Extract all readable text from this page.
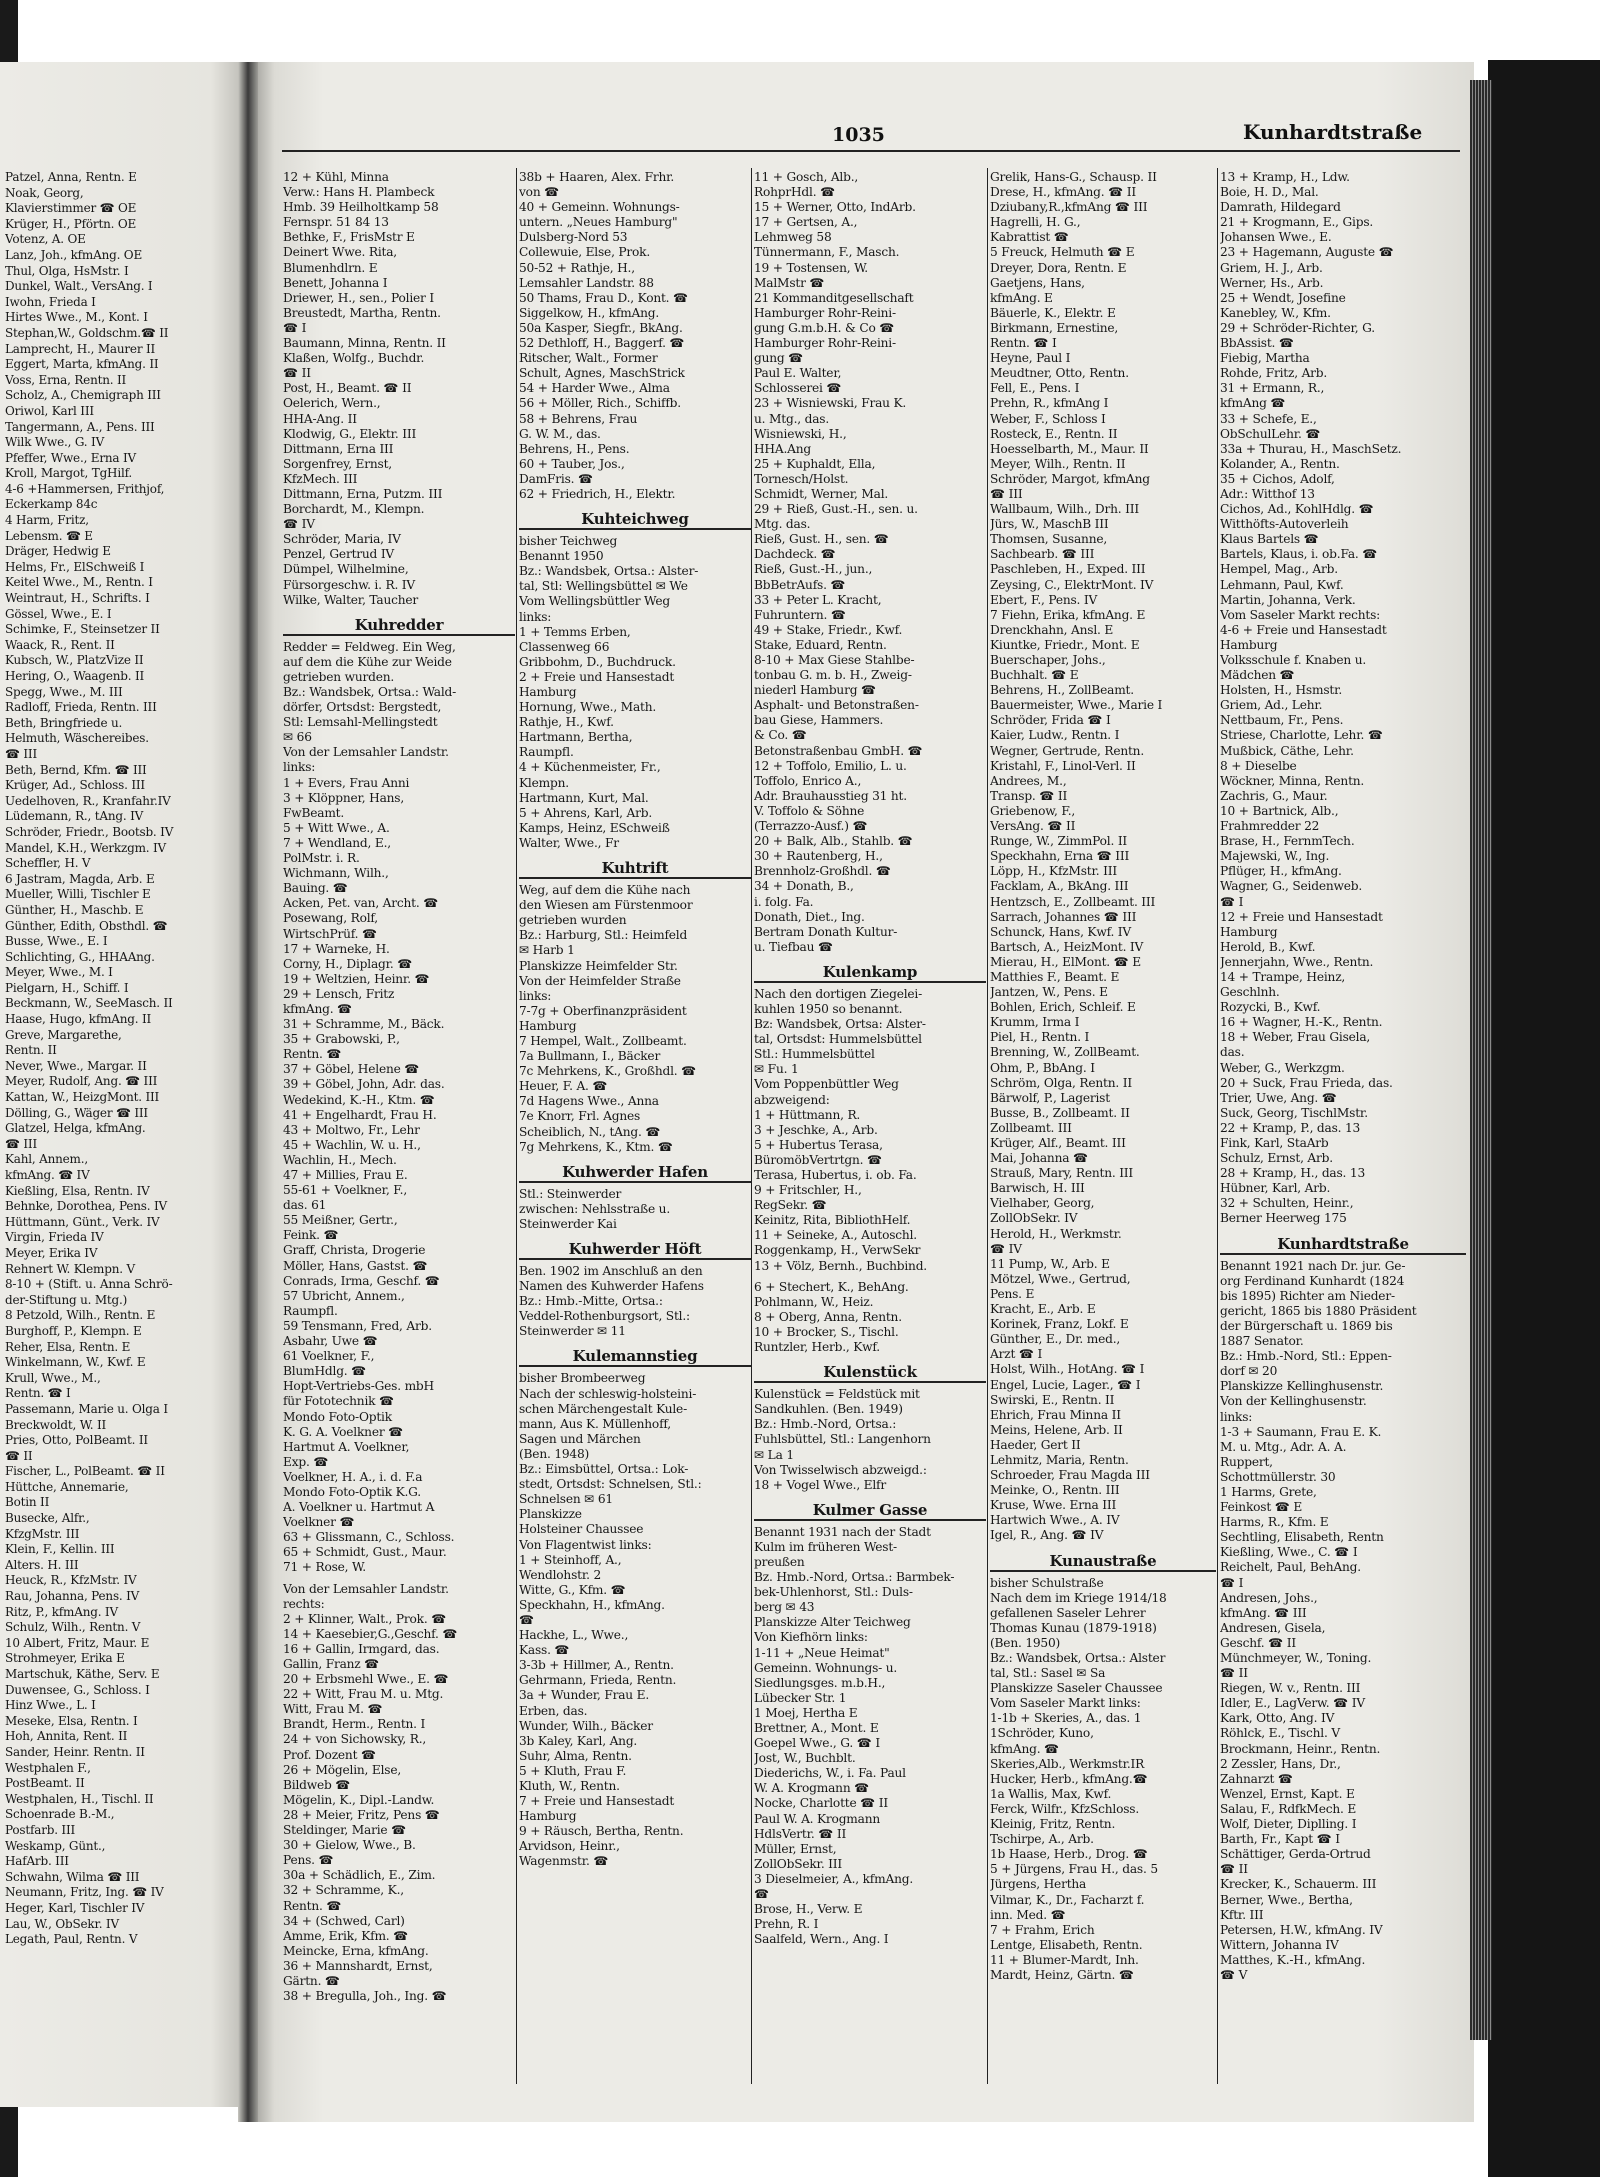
1035	Kunhardtstraße
Patzel, Anna, Rentn. E
Noak, Georg,
Klavierstimmer ☎ OE
Krüger, H., Pförtn. OE
Votenz, A. OE
Lanz, Joh., kfmAng. OE
Thul, Olga, HsMstr. I
Dunkel, Walt., VersAng. I
Iwohn, Frieda I
Hirtes Wwe., M., Kont. I
Stephan,W., Goldschm.☎ II
Lamprecht, H., Maurer II
Eggert, Marta, kfmAng. II
Voss, Erna, Rentn. II
Scholz, A., Chemigraph III
Oriwol, Karl III
Tangermann, A., Pens. III
Wilk Wwe., G. IV
Pfeffer, Wwe., Erna IV
Kroll, Margot, TgHilf.
4-6 +Hammersen, Frithjof,
Eckerkamp 84c
4 Harm, Fritz,
Lebensm. ☎ E
Dräger, Hedwig E
Helms, Fr., ElSchweiß I
Keitel Wwe., M., Rentn. I
Weintraut, H., Schrifts. I
Gössel, Wwe., E. I
Schimke, F., Steinsetzer II
Waack, R., Rent. II
Kubsch, W., PlatzVize II
Hering, O., Waagenb. II
Spegg, Wwe., M. III
Radloff, Frieda, Rentn. III
Beth, Bringfriede u.
Helmuth, Wäschereibes.
☎ III
Beth, Bernd, Kfm. ☎ III
Krüger, Ad., Schloss. III
Uedelhoven, R., Kranfahr.IV
Lüdemann, R., tAng. IV
Schröder, Friedr., Bootsb. IV
Mandel, K.H., Werkzgm. IV
Scheffler, H. V
6 Jastram, Magda, Arb. E
Mueller, Willi, Tischler E
Günther, H., Maschb. E
Günther, Edith, Obsthdl. ☎
Busse, Wwe., E. I
Schlichting, G., HHAAng.
Meyer, Wwe., M. I
Pielgarn, H., Schiff. I
Beckmann, W., SeeMasch. II
Haase, Hugo, kfmAng. II
Greve, Margarethe,
Rentn. II
Never, Wwe., Margar. II
Meyer, Rudolf, Ang. ☎ III
Kattan, W., HeizgMont. III
Dölling, G., Wäger ☎ III
Glatzel, Helga, kfmAng.
☎ III
Kahl, Annem.,
kfmAng. ☎ IV
Kießling, Elsa, Rentn. IV
Behnke, Dorothea, Pens. IV
Hüttmann, Günt., Verk. IV
Virgin, Frieda IV
Meyer, Erika IV
Rehnert W. Klempn. V
8-10 + (Stift. u. Anna Schrö-
der-Stiftung u. Mtg.)
8 Petzold, Wilh., Rentn. E
Burghoff, P., Klempn. E
Reher, Elsa, Rentn. E
Winkelmann, W., Kwf. E
Krull, Wwe., M.,
Rentn. ☎ I
Passemann, Marie u. Olga I
Breckwoldt, W. II
Pries, Otto, PolBeamt. II
☎ II
Fischer, L., PolBeamt. ☎ II
Hüttche, Annemarie,
Botin II
Busecke, Alfr.,
KfzgMstr. III
Klein, F., Kellin. III
Alters. H. III
Heuck, R., KfzMstr. IV
Rau, Johanna, Pens. IV
Ritz, P., kfmAng. IV
Schulz, Wilh., Rentn. V
10 Albert, Fritz, Maur. E
Strohmeyer, Erika E
Martschuk, Käthe, Serv. E
Duwensee, G., Schloss. I
Hinz Wwe., L. I
Meseke, Elsa, Rentn. I
Hoh, Annita, Rent. II
Sander, Heinr. Rentn. II
Westphalen F.,
PostBeamt. II
Westphalen, H., Tischl. II
Schoenrade B.-M.,
Postfarb. III
Weskamp, Günt.,
HafArb. III
Schwahn, Wilma ☎ III
Neumann, Fritz, Ing. ☎ IV
Heger, Karl, Tischler IV
Lau, W., ObSekr. IV
Legath, Paul, Rentn. V
12 + Kühl, Minna
Verw.: Hans H. Plambeck
Hmb. 39 Heilholtkamp 58
Fernspr. 51 84 13
Bethke, F., FrisMstr E
Deinert Wwe. Rita,
Blumenhdlrn. E
Benett, Johanna I
Driewer, H., sen., Polier I
Breustedt, Martha, Rentn.
☎ I
Baumann, Minna, Rentn. II
Klaßen, Wolfg., Buchdr.
☎ II
Post, H., Beamt. ☎ II
Oelerich, Wern.,
HHA-Ang. II
Klodwig, G., Elektr. III
Dittmann, Erna III
Sorgenfrey, Ernst,
KfzMech. III
Dittmann, Erna, Putzm. III
Borchardt, M., Klempn.
☎ IV
Schröder, Maria, IV
Penzel, Gertrud IV
Dümpel, Wilhelmine,
Fürsorgeschw. i. R. IV
Wilke, Walter, Taucher
Kuhredder
Redder = Feldweg. Ein Weg,
auf dem die Kühe zur Weide
getrieben wurden.
Bz.: Wandsbek, Ortsa.: Wald-
dörfer, Ortsdst: Bergstedt,
Stl: Lemsahl-Mellingstedt
✉ 66
Von der Lemsahler Landstr.
links:
1 + Evers, Frau Anni
3 + Klöppner, Hans,
FwBeamt.
5 + Witt Wwe., A.
7 + Wendland, E.,
PolMstr. i. R.
Wichmann, Wilh.,
Bauing. ☎
Acken, Pet. van, Archt. ☎
Posewang, Rolf,
WirtschPrüf. ☎
17 + Warneke, H.
Corny, H., Diplagr. ☎
19 + Weltzien, Heinr. ☎
29 + Lensch, Fritz
kfmAng. ☎
31 + Schramme, M., Bäck.
35 + Grabowski, P.,
Rentn. ☎
37 + Göbel, Helene ☎
39 + Göbel, John, Adr. das.
Wedekind, K.-H., Ktm. ☎
41 + Engelhardt, Frau H.
43 + Moltwo, Fr., Lehr
45 + Wachlin, W. u. H.,
Wachlin, H., Mech.
47 + Millies, Frau E.
55-61 + Voelkner, F.,
das. 61
55 Meißner, Gertr.,
Feink. ☎
Graff, Christa, Drogerie
Möller, Hans, Gastst. ☎
Conrads, Irma, Geschf. ☎
57 Ubricht, Annem.,
Raumpfl.
59 Tensmann, Fred, Arb.
Asbahr, Uwe ☎
61 Voelkner, F.,
BlumHdlg. ☎
Hopt-Vertriebs-Ges. mbH
für Fototechnik ☎
Mondo Foto-Optik
K. G. A. Voelkner ☎
Hartmut A. Voelkner,
Exp. ☎
Voelkner, H. A., i. d. F.a
Mondo Foto-Optik K.G.
A. Voelkner u. Hartmut A
Voelkner ☎
63 + Glissmann, C., Schloss.
65 + Schmidt, Gust., Maur.
71 + Rose, W.
Von der Lemsahler Landstr.
rechts:
2 + Klinner, Walt., Prok. ☎
14 + Kaesebier,G.,Geschf. ☎
16 + Gallin, Irmgard, das.
Gallin, Franz ☎
20 + Erbsmehl Wwe., E. ☎
22 + Witt, Frau M. u. Mtg.
Witt, Frau M. ☎
Brandt, Herm., Rentn. I
24 + von Sichowsky, R.,
Prof. Dozent ☎
26 + Mögelin, Else,
Bildweb ☎
Mögelin, K., Dipl.-Landw.
28 + Meier, Fritz, Pens ☎
Steldinger, Marie ☎
30 + Gielow, Wwe., B.
Pens. ☎
30a + Schädlich, E., Zim.
32 + Schramme, K.,
Rentn. ☎
34 + (Schwed, Carl)
Amme, Erik, Kfm. ☎
Meincke, Erna, kfmAng.
36 + Mannshardt, Ernst,
Gärtn. ☎
38 + Bregulla, Joh., Ing. ☎
38b + Haaren, Alex. Frhr.
von ☎
40 + Gemeinn. Wohnungs-
untern. „Neues Hamburg"
Dulsberg-Nord 53
Collewuie, Else, Prok.
50-52 + Rathje, H.,
Lemsahler Landstr. 88
50 Thams, Frau D., Kont. ☎
Siggelkow, H., kfmAng.
50a Kasper, Siegfr., BkAng.
52 Dethloff, H., Baggerf. ☎
Ritscher, Walt., Former
Schult, Agnes, MaschStrick
54 + Harder Wwe., Alma
56 + Möller, Rich., Schiffb.
58 + Behrens, Frau
G. W. M., das.
Behrens, H., Pens.
60 + Tauber, Jos.,
DamFris. ☎
62 + Friedrich, H., Elektr.
Kuhteichweg
bisher Teichweg
Benannt 1950
Bz.: Wandsbek, Ortsa.: Alster-
tal, Stl: Wellingsbüttel ✉ We
Vom Wellingsbüttler Weg
links:
1 + Temms Erben,
Classenweg 66
Gribbohm, D., Buchdruck.
2 + Freie und Hansestadt
Hamburg
Hornung, Wwe., Math.
Rathje, H., Kwf.
Hartmann, Bertha,
Raumpfl.
4 + Küchenmeister, Fr.,
Klempn.
Hartmann, Kurt, Mal.
5 + Ahrens, Karl, Arb.
Kamps, Heinz, ESchweiß
Walter, Wwe., Fr
Kuhtrift
Weg, auf dem die Kühe nach
den Wiesen am Fürstenmoor
getrieben wurden
Bz.: Harburg, Stl.: Heimfeld
✉ Harb 1
Planskizze Heimfelder Str.
Von der Heimfelder Straße
links:
7-7g + Oberfinanzpräsident
Hamburg
7 Hempel, Walt., Zollbeamt.
7a Bullmann, I., Bäcker
7c Mehrkens, K., Großhdl. ☎
Heuer, F. A. ☎
7d Hagens Wwe., Anna
7e Knorr, Frl. Agnes
Scheiblich, N., tAng. ☎
7g Mehrkens, K., Ktm. ☎
Kuhwerder Hafen
Stl.: Steinwerder
zwischen: Nehlsstraße u.
Steinwerder Kai
Kuhwerder Höft
Ben. 1902 im Anschluß an den
Namen des Kuhwerder Hafens
Bz.: Hmb.-Mitte, Ortsa.:
Veddel-Rothenburgsort, Stl.:
Steinwerder ✉ 11
Kulemannstieg
bisher Brombeerweg
Nach der schleswig-holsteini-
schen Märchengestalt Kule-
mann, Aus K. Müllenhoff,
Sagen und Märchen
(Ben. 1948)
Bz.: Eimsbüttel, Ortsa.: Lok-
stedt, Ortsdst: Schnelsen, Stl.:
Schnelsen ✉ 61
Planskizze
Holsteiner Chaussee
Von Flagentwist links:
1 + Steinhoff, A.,
Wendlohstr. 2
Witte, G., Kfm. ☎
Speckhahn, H., kfmAng.
☎
Hackhe, L., Wwe.,
Kass. ☎
3-3b + Hillmer, A., Rentn.
Gehrmann, Frieda, Rentn.
3a + Wunder, Frau E.
Erben, das.
Wunder, Wilh., Bäcker
3b Kaley, Karl, Ang.
Suhr, Alma, Rentn.
5 + Kluth, Frau F.
Kluth, W., Rentn.
7 + Freie und Hansestadt
Hamburg
9 + Räusch, Bertha, Rentn.
Arvidson, Heinr.,
Wagenmstr. ☎
11 + Gosch, Alb.,
RohprHdl. ☎
15 + Werner, Otto, IndArb.
17 + Gertsen, A.,
Lehmweg 58
Tünnermann, F., Masch.
19 + Tostensen, W.
MalMstr ☎
21 Kommanditgesellschaft
Hamburger Rohr-Reini-
gung G.m.b.H. & Co ☎
Hamburger Rohr-Reini-
gung ☎
Paul E. Walter,
Schlosserei ☎
23 + Wisniewski, Frau K.
u. Mtg., das.
Wisniewski, H.,
HHA.Ang
25 + Kuphaldt, Ella,
Tornesch/Holst.
Schmidt, Werner, Mal.
29 + Rieß, Gust.-H., sen. u.
Mtg. das.
Rieß, Gust. H., sen. ☎
Dachdeck. ☎
Rieß, Gust.-H., jun.,
BbBetrAufs. ☎
33 + Peter L. Kracht,
Fuhruntern. ☎
49 + Stake, Friedr., Kwf.
Stake, Eduard, Rentn.
8-10 + Max Giese Stahlbe-
tonbau G. m. b. H., Zweig-
niederl Hamburg ☎
Asphalt- und Betonstraßen-
bau Giese, Hammers.
& Co. ☎
Betonstraßenbau GmbH. ☎
12 + Toffolo, Emilio, L. u.
Toffolo, Enrico A.,
Adr. Brauhausstieg 31 ht.
V. Toffolo & Söhne
(Terrazzo-Ausf.) ☎
20 + Balk, Alb., Stahlb. ☎
30 + Rautenberg, H.,
Brennholz-Großhdl. ☎
34 + Donath, B.,
i. folg. Fa.
Donath, Diet., Ing.
Bertram Donath Kultur-
u. Tiefbau ☎
Kulenkamp
Nach den dortigen Ziegelei-
kuhlen 1950 so benannt.
Bz: Wandsbek, Ortsa: Alster-
tal, Ortsdst: Hummelsbüttel
Stl.: Hummelsbüttel
✉ Fu. 1
Vom Poppenbüttler Weg
abzweigend:
1 + Hüttmann, R.
3 + Jeschke, A., Arb.
5 + Hubertus Terasa,
BüromöbVertrtgn. ☎
Terasa, Hubertus, i. ob. Fa.
9 + Fritschler, H.,
RegSekr. ☎
Keinitz, Rita, BibliothHelf.
11 + Seineke, A., Autoschl.
Roggenkamp, H., VerwSekr
13 + Völz, Bernh., Buchbind.
6 + Stechert, K., BehAng.
Pohlmann, W., Heiz.
8 + Oberg, Anna, Rentn.
10 + Brocker, S., Tischl.
Runtzler, Herb., Kwf.
Kulenstück
Kulenstück = Feldstück mit
Sandkuhlen. (Ben. 1949)
Bz.: Hmb.-Nord, Ortsa.:
Fuhlsbüttel, Stl.: Langenhorn
✉ La 1
Von Twisselwisch abzweigd.:
18 + Vogel Wwe., Elfr
Kulmer Gasse
Benannt 1931 nach der Stadt
Kulm im früheren West-
preußen
Bz. Hmb.-Nord, Ortsa.: Barmbek-
bek-Uhlenhorst, Stl.: Duls-
berg ✉ 43
Planskizze Alter Teichweg
Von Kiefhörn links:
1-11 + „Neue Heimat"
Gemeinn. Wohnungs- u.
Siedlungsges. m.b.H.,
Lübecker Str. 1
1 Moej, Hertha E
Brettner, A., Mont. E
Goepel Wwe., G. ☎ I
Jost, W., Buchblt.
Diederichs, W., i. Fa. Paul
W. A. Krogmann ☎
Nocke, Charlotte ☎ II
Paul W. A. Krogmann
HdlsVertr. ☎ II
Müller, Ernst,
ZollObSekr. III
3 Dieselmeier, A., kfmAng.
☎
Brose, H., Verw. E
Prehn, R. I
Saalfeld, Wern., Ang. I
Grelik, Hans-G., Schausp. II
Drese, H., kfmAng. ☎ II
Dziubany,R.,kfmAng ☎ III
Hagrelli, H. G.,
Kabrattist ☎
5 Freuck, Helmuth ☎ E
Dreyer, Dora, Rentn. E
Gaetjens, Hans,
kfmAng. E
Bäuerle, K., Elektr. E
Birkmann, Ernestine,
Rentn. ☎ I
Heyne, Paul I
Meudtner, Otto, Rentn.
Fell, E., Pens. I
Prehn, R., kfmAng I
Weber, F., Schloss I
Rosteck, E., Rentn. II
Hoesselbarth, M., Maur. II
Meyer, Wilh., Rentn. II
Schröder, Margot, kfmAng
☎ III
Wallbaum, Wilh., Drh. III
Jürs, W., MaschB III
Thomsen, Susanne,
Sachbearb. ☎ III
Paschleben, H., Exped. III
Zeysing, C., ElektrMont. IV
Ebert, F., Pens. IV
7 Fiehn, Erika, kfmAng. E
Drenckhahn, Ansl. E
Kiuntke, Friedr., Mont. E
Buerschaper, Johs.,
Buchhalt. ☎ E
Behrens, H., ZollBeamt.
Bauermeister, Wwe., Marie I
Schröder, Frida ☎ I
Kaier, Ludw., Rentn. I
Wegner, Gertrude, Rentn.
Kristahl, F., Linol-Verl. II
Andrees, M.,
Transp. ☎ II
Griebenow, F.,
VersAng. ☎ II
Runge, W., ZimmPol. II
Speckhahn, Erna ☎ III
Löpp, H., KfzMstr. III
Facklam, A., BkAng. III
Hentzsch, E., Zollbeamt. III
Sarrach, Johannes ☎ III
Schunck, Hans, Kwf. IV
Bartsch, A., HeizMont. IV
Mierau, H., ElMont. ☎ E
Matthies F., Beamt. E
Jantzen, W., Pens. E
Bohlen, Erich, Schleif. E
Krumm, Irma I
Piel, H., Rentn. I
Brenning, W., ZollBeamt.
Ohm, P., BbAng. I
Schröm, Olga, Rentn. II
Bärwolf, P., Lagerist
Busse, B., Zollbeamt. II
Zollbeamt. III
Krüger, Alf., Beamt. III
Mai, Johanna ☎
Strauß, Mary, Rentn. III
Barwisch, H. III
Vielhaber, Georg,
ZollObSekr. IV
Herold, H., Werkmstr.
☎ IV
11 Pump, W., Arb. E
Mötzel, Wwe., Gertrud,
Pens. E
Kracht, E., Arb. E
Korinek, Franz, Lokf. E
Günther, E., Dr. med.,
Arzt ☎ I
Holst, Wilh., HotAng. ☎ I
Engel, Lucie, Lager., ☎ I
Swirski, E., Rentn. II
Ehrich, Frau Minna II
Meins, Helene, Arb. II
Haeder, Gert II
Lehmitz, Maria, Rentn.
Schroeder, Frau Magda III
Meinke, O., Rentn. III
Kruse, Wwe. Erna III
Hartwich Wwe., A. IV
Igel, R., Ang. ☎ IV
Kunaustraße
bisher Schulstraße
Nach dem im Kriege 1914/18
gefallenen Saseler Lehrer
Thomas Kunau (1879-1918)
(Ben. 1950)
Bz.: Wandsbek, Ortsa.: Alster
tal, Stl.: Sasel ✉ Sa
Planskizze Saseler Chaussee
Vom Saseler Markt links:
1-1b + Skeries, A., das. 1
1Schröder, Kuno,
kfmAng. ☎
Skeries,Alb., Werkmstr.IR
Hucker, Herb., kfmAng.☎
1a Wallis, Max, Kwf.
Ferck, Wilfr., KfzSchloss.
Kleinig, Fritz, Rentn.
Tschirpe, A., Arb.
1b Haase, Herb., Drog. ☎
5 + Jürgens, Frau H., das. 5
Jürgens, Hertha
Vilmar, K., Dr., Facharzt f.
inn. Med. ☎
7 + Frahm, Erich
Lentge, Elisabeth, Rentn.
11 + Blumer-Mardt, Inh.
Mardt, Heinz, Gärtn. ☎
13 + Kramp, H., Ldw.
Boie, H. D., Mal.
Damrath, Hildegard
21 + Krogmann, E., Gips.
Johansen Wwe., E.
23 + Hagemann, Auguste ☎
Griem, H. J., Arb.
Werner, Hs., Arb.
25 + Wendt, Josefine
Kanebley, W., Kfm.
29 + Schröder-Richter, G.
BbAssist. ☎
Fiebig, Martha
Rohde, Fritz, Arb.
31 + Ermann, R.,
kfmAng ☎
33 + Schefe, E.,
ObSchulLehr. ☎
33a + Thurau, H., MaschSetz.
Kolander, A., Rentn.
35 + Cichos, Adolf,
Adr.: Witthof 13
Cichos, Ad., KohlHdlg. ☎
Witthöfts-Autoverleih
Klaus Bartels ☎
Bartels, Klaus, i. ob.Fa. ☎
Hempel, Mag., Arb.
Lehmann, Paul, Kwf.
Martin, Johanna, Verk.
Vom Saseler Markt rechts:
4-6 + Freie und Hansestadt
Hamburg
Volksschule f. Knaben u.
Mädchen ☎
Holsten, H., Hsmstr.
Griem, Ad., Lehr.
Nettbaum, Fr., Pens.
Striese, Charlotte, Lehr. ☎
Mußbick, Cäthe, Lehr.
8 + Dieselbe
Wöckner, Minna, Rentn.
Zachris, G., Maur.
10 + Bartnick, Alb.,
Frahmredder 22
Brase, H., FernmTech.
Majewski, W., Ing.
Pflüger, H., kfmAng.
Wagner, G., Seidenweb.
☎ I
12 + Freie und Hansestadt
Hamburg
Herold, B., Kwf.
Jennerjahn, Wwe., Rentn.
14 + Trampe, Heinz,
Geschlnh.
Rozycki, B., Kwf.
16 + Wagner, H.-K., Rentn.
18 + Weber, Frau Gisela,
das.
Weber, G., Werkzgm.
20 + Suck, Frau Frieda, das.
Trier, Uwe, Ang. ☎
Suck, Georg, TischlMstr.
22 + Kramp, P., das. 13
Fink, Karl, StaArb
Schulz, Ernst, Arb.
28 + Kramp, H., das. 13
Hübner, Karl, Arb.
32 + Schulten, Heinr.,
Berner Heerweg 175
Kunhardtstraße
Benannt 1921 nach Dr. jur. Ge-
org Ferdinand Kunhardt (1824
bis 1895) Richter am Nieder-
gericht, 1865 bis 1880 Präsident
der Bürgerschaft u. 1869 bis
1887 Senator.
Bz.: Hmb.-Nord, Stl.: Eppen-
dorf ✉ 20
Planskizze Kellinghusenstr.
Von der Kellinghusenstr.
links:
1-3 + Saumann, Frau E. K.
M. u. Mtg., Adr. A. A.
Ruppert,
Schottmüllerstr. 30
1 Harms, Grete,
Feinkost ☎ E
Harms, R., Kfm. E
Sechtling, Elisabeth, Rentn
Kießling, Wwe., C. ☎ I
Reichelt, Paul, BehAng.
☎ I
Andresen, Johs.,
kfmAng. ☎ III
Andresen, Gisela,
Geschf. ☎ II
Münchmeyer, W., Toning.
☎ II
Riegen, W. v., Rentn. III
Idler, E., LagVerw. ☎ IV
Kark, Otto, Ang. IV
Röhlck, E., Tischl. V
Brockmann, Heinr., Rentn.
2 Zessler, Hans, Dr.,
Zahnarzt ☎
Wenzel, Ernst, Kapt. E
Salau, F., RdfkMech. E
Wolf, Dieter, Diplling. I
Barth, Fr., Kapt ☎ I
Schättiger, Gerda-Ortrud
☎ II
Krecker, K., Schauerm. III
Berner, Wwe., Bertha,
Kftr. III
Petersen, H.W., kfmAng. IV
Wittern, Johanna IV
Matthes, K.-H., kfmAng.
☎ V
